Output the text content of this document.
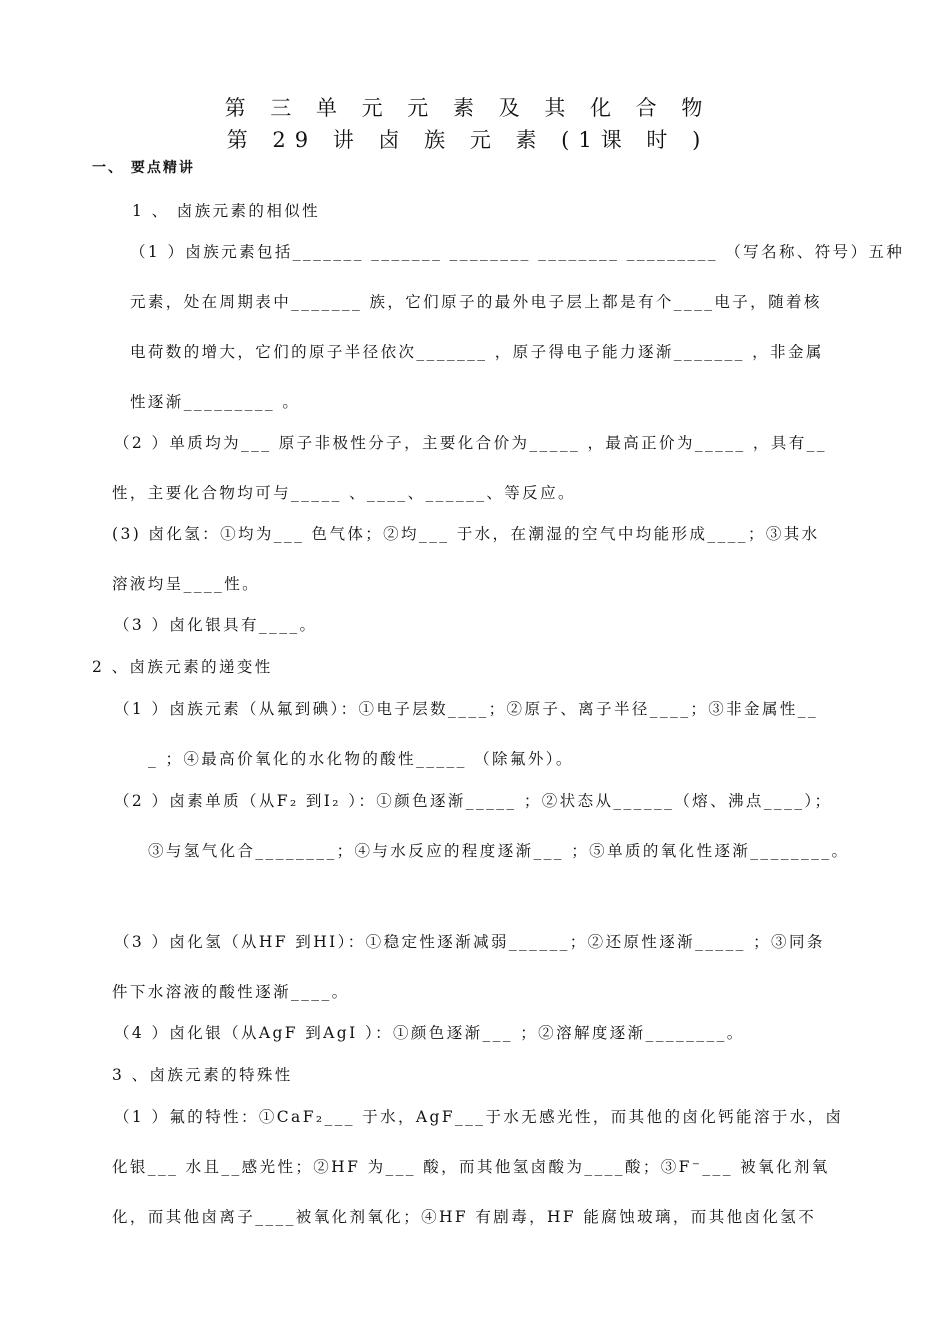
第 三 单 元 元 素 及 其 化 合 物
第 29 讲 卤 族 元 素 (1课 时 )
一、 要点精讲
1 、 卤族元素的相似性
（1 ）卤族元素包括_______ _______ ________ ________ _________ （写名称、符号）五种
元素，处在周期表中_______ 族，它们原子的最外电子层上都是有个____电子，随着核
电荷数的增大，它们的原子半径依次_______ ，原子得电子能力逐渐_______ ，非金属
性逐渐_________ 。
（2 ）单质均为___ 原子非极性分子，主要化合价为_____ ，最高正价为_____ ，具有__
性，主要化合物均可与_____ 、____、______、等反应。
(3) 卤化氢：①均为___ 色气体；②均___ 于水，在潮湿的空气中均能形成____；③其水
溶液均呈____性。
（3 ）卤化银具有____。
2 、卤族元素的递变性
（1 ）卤族元素（从氟到碘）：①电子层数____；②原子、离子半径____；③非金属性__
_ ；④最高价氧化的水化物的酸性_____ （除氟外）。
（2 ）卤素单质（从F₂ 到I₂ ）：①颜色逐渐_____ ；②状态从______（熔、沸点____）；
③与氢气化合________；④与水反应的程度逐渐___ ；⑤单质的氧化性逐渐________。
（3 ）卤化氢（从HF 到HI）：①稳定性逐渐减弱______；②还原性逐渐_____ ；③同条
件下水溶液的酸性逐渐____。
（4 ）卤化银（从AgF 到AgI ）：①颜色逐渐___ ；②溶解度逐渐________。
3 、卤族元素的特殊性
（1 ）氟的特性：①CaF₂___ 于水，AgF___于水无感光性，而其他的卤化钙能溶于水，卤
化银___ 水且__感光性；②HF 为___ 酸，而其他氢卤酸为____酸；③F⁻___ 被氧化剂氧
化，而其他卤离子____被氧化剂氧化；④HF 有剧毒，HF 能腐蚀玻璃，而其他卤化氢不
